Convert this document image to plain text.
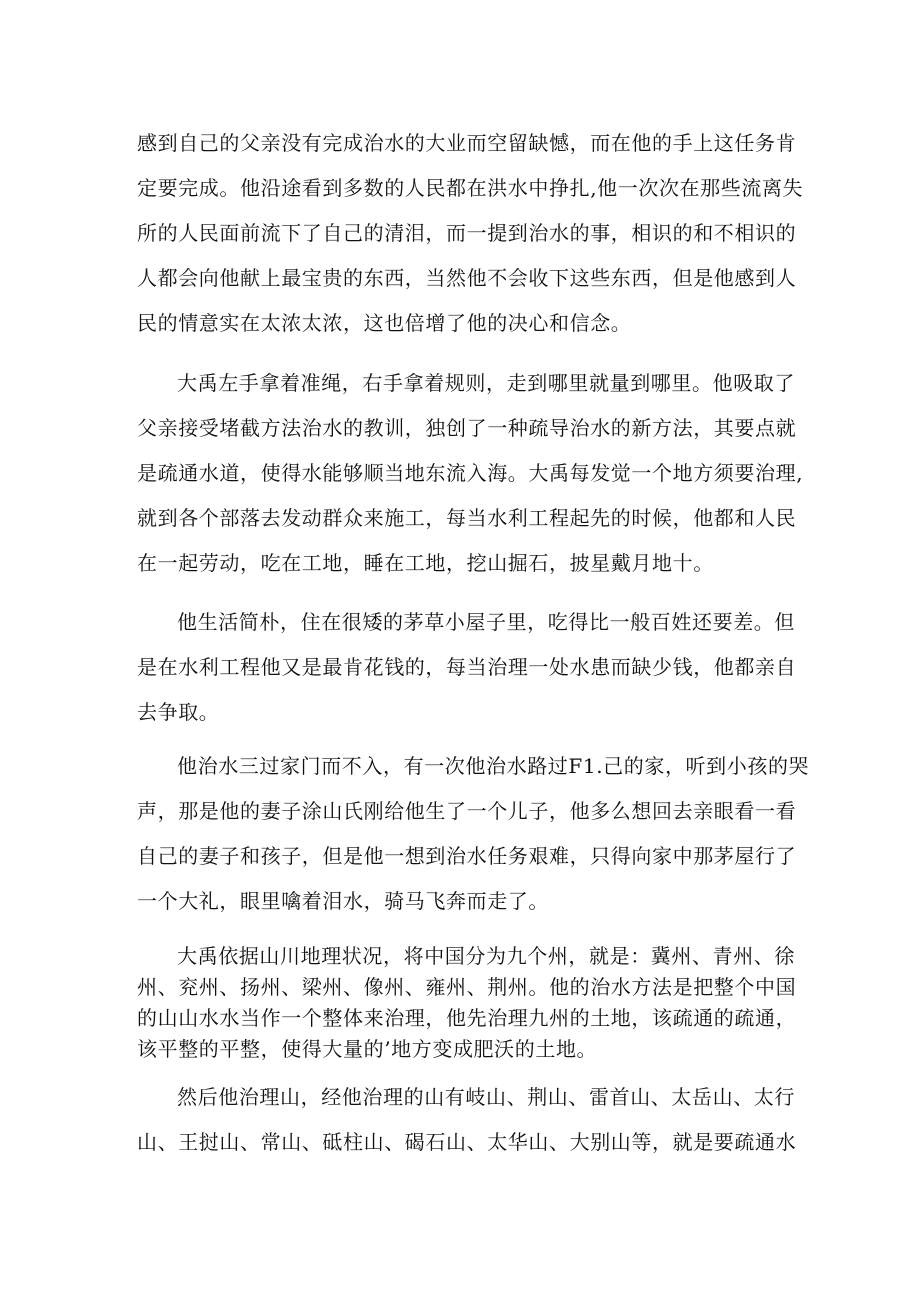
感到自己的父亲没有完成治水的大业而空留缺憾，而在他的手上这任务肯
定要完成。他沿途看到多数的人民都在洪水中挣扎,他一次次在那些流离失
所的人民面前流下了自己的清泪，而一提到治水的事，相识的和不相识的
人都会向他献上最宝贵的东西，当然他不会收下这些东西，但是他感到人
民的情意实在太浓太浓，这也倍增了他的决心和信念。
大禹左手拿着准绳，右手拿着规则，走到哪里就量到哪里。他吸取了
父亲接受堵截方法治水的教训，独创了一种疏导治水的新方法，其要点就
是疏通水道，使得水能够顺当地东流入海。大禹每发觉一个地方须要治理,
就到各个部落去发动群众来施工，每当水利工程起先的时候，他都和人民
在一起劳动，吃在工地，睡在工地，挖山掘石，披星戴月地十。
他生活简朴，住在很矮的茅草小屋子里，吃得比一般百姓还要差。但
是在水利工程他又是最肯花钱的，每当治理一处水患而缺少钱，他都亲自
去争取。
他治水三过家门而不入，有一次他治水路过F1.己的家，听到小孩的哭
声，那是他的妻子涂山氏刚给他生了一个儿子，他多么想回去亲眼看一看
自己的妻子和孩子，但是他一想到治水任务艰难，只得向家中那茅屋行了
一个大礼，眼里噙着泪水，骑马飞奔而走了。
大禹依据山川地理状况，将中国分为九个州，就是：冀州、青州、徐
州、兖州、扬州、梁州、像州、雍州、荆州。他的治水方法是把整个中国
的山山水水当作一个整体来治理，他先治理九州的土地，该疏通的疏通，
该平整的平整，使得大量的’地方变成肥沃的土地。
然后他治理山，经他治理的山有岐山、荆山、雷首山、太岳山、太行
山、王挝山、常山、砥柱山、碣石山、太华山、大别山等，就是要疏通水
